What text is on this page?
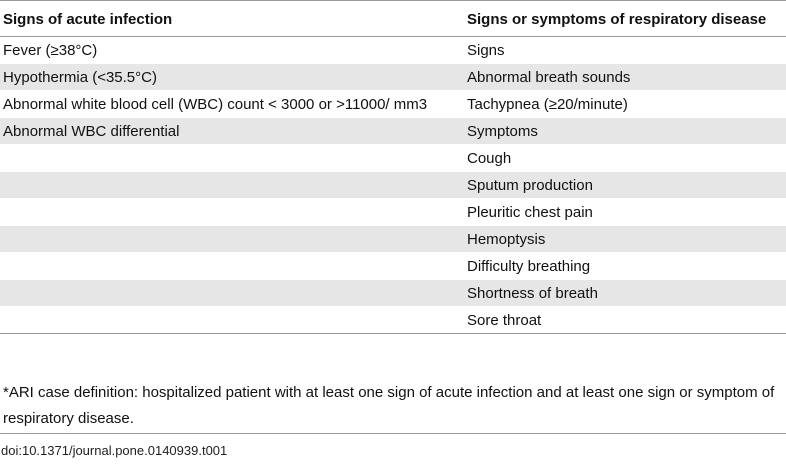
Signs of acute infection	Signs or symptoms of respiratory disease
Fever (≥38°C)	Signs
Hypothermia (<35.5°C)	Abnormal breath sounds
Abnormal white blood cell (WBC) count < 3000 or >11000/ mm3	Tachypnea (≥20/minute)
Abnormal WBC differential	Symptoms
	Cough
	Sputum production
	Pleuritic chest pain
	Hemoptysis
	Difficulty breathing
	Shortness of breath
	Sore throat
*ARI case definition: hospitalized patient with at least one sign of acute infection and at least one sign or symptom of respiratory disease.
doi:10.1371/journal.pone.0140939.t001
